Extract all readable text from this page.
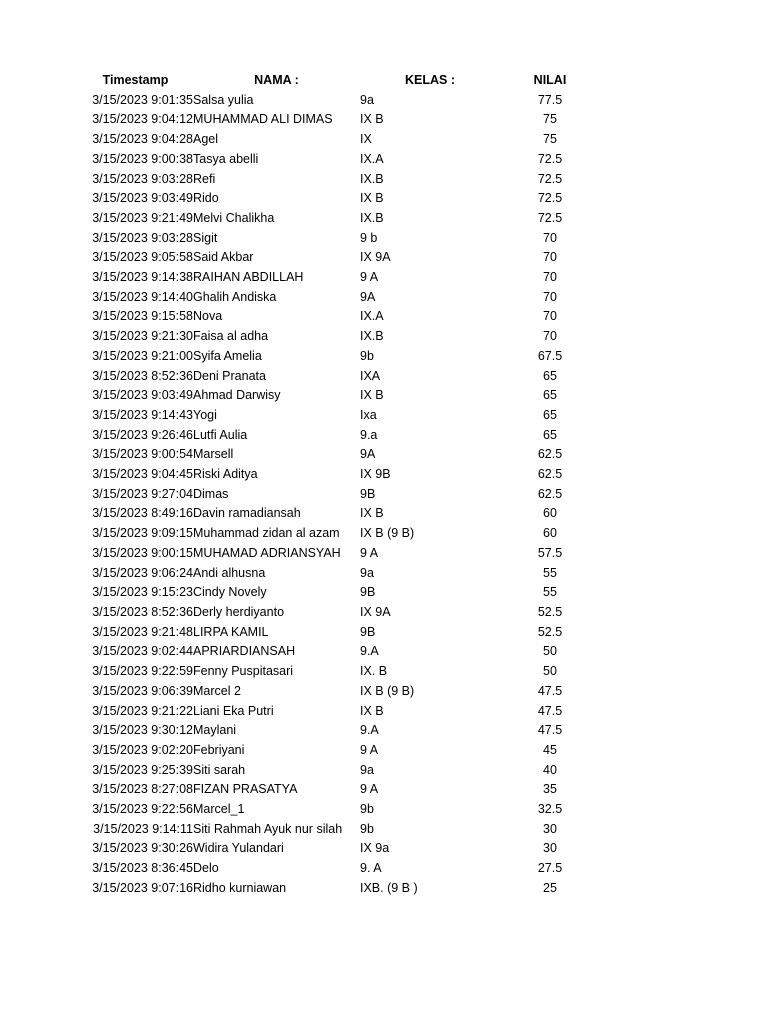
Timestamp	NAMA :	KELAS :	NILAI
3/15/2023 9:01:35	Salsa yulia	9a	77.5
3/15/2023 9:04:12	MUHAMMAD ALI DIMAS	IX B	75
3/15/2023 9:04:28	Agel	IX	75
3/15/2023 9:00:38	Tasya abelli	IX.A	72.5
3/15/2023 9:03:28	Refi	IX.B	72.5
3/15/2023 9:03:49	Rido	IX B	72.5
3/15/2023 9:21:49	Melvi Chalikha	IX.B	72.5
3/15/2023 9:03:28	Sigit	9 b	70
3/15/2023 9:05:58	Said Akbar	IX 9A	70
3/15/2023 9:14:38	RAIHAN ABDILLAH	9 A	70
3/15/2023 9:14:40	Ghalih Andiska	9A	70
3/15/2023 9:15:58	Nova	IX.A	70
3/15/2023 9:21:30	Faisa al adha	IX.B	70
3/15/2023 9:21:00	Syifa Amelia	9b	67.5
3/15/2023 8:52:36	Deni Pranata	IXA	65
3/15/2023 9:03:49	Ahmad Darwisy	IX B	65
3/15/2023 9:14:43	Yogi	Ixa	65
3/15/2023 9:26:46	Lutfi Aulia	9.a	65
3/15/2023 9:00:54	Marsell	9A	62.5
3/15/2023 9:04:45	Riski Aditya	IX 9B	62.5
3/15/2023 9:27:04	Dimas	9B	62.5
3/15/2023 8:49:16	Davin ramadiansah	IX B	60
3/15/2023 9:09:15	Muhammad zidan al azam	IX B (9 B)	60
3/15/2023 9:00:15	MUHAMAD ADRIANSYAH	9 A	57.5
3/15/2023 9:06:24	Andi alhusna	9a	55
3/15/2023 9:15:23	Cindy Novely	9B	55
3/15/2023 8:52:36	Derly herdiyanto	IX 9A	52.5
3/15/2023 9:21:48	LIRPA KAMIL	9B	52.5
3/15/2023 9:02:44	APRIARDIANSAH	9.A	50
3/15/2023 9:22:59	Fenny Puspitasari	IX. B	50
3/15/2023 9:06:39	Marcel 2	IX B (9 B)	47.5
3/15/2023 9:21:22	Liani Eka Putri	IX B	47.5
3/15/2023 9:30:12	Maylani	9.A	47.5
3/15/2023 9:02:20	Febriyani	9 A	45
3/15/2023 9:25:39	Siti sarah	9a	40
3/15/2023 8:27:08	FIZAN PRASATYA	9 A	35
3/15/2023 9:22:56	Marcel_1	9b	32.5
3/15/2023 9:14:11	Siti Rahmah Ayuk nur silah	9b	30
3/15/2023 9:30:26	Widira Yulandari	IX 9a	30
3/15/2023 8:36:45	Delo	9. A	27.5
3/15/2023 9:07:16	Ridho kurniawan	IXB. (9 B )	25
